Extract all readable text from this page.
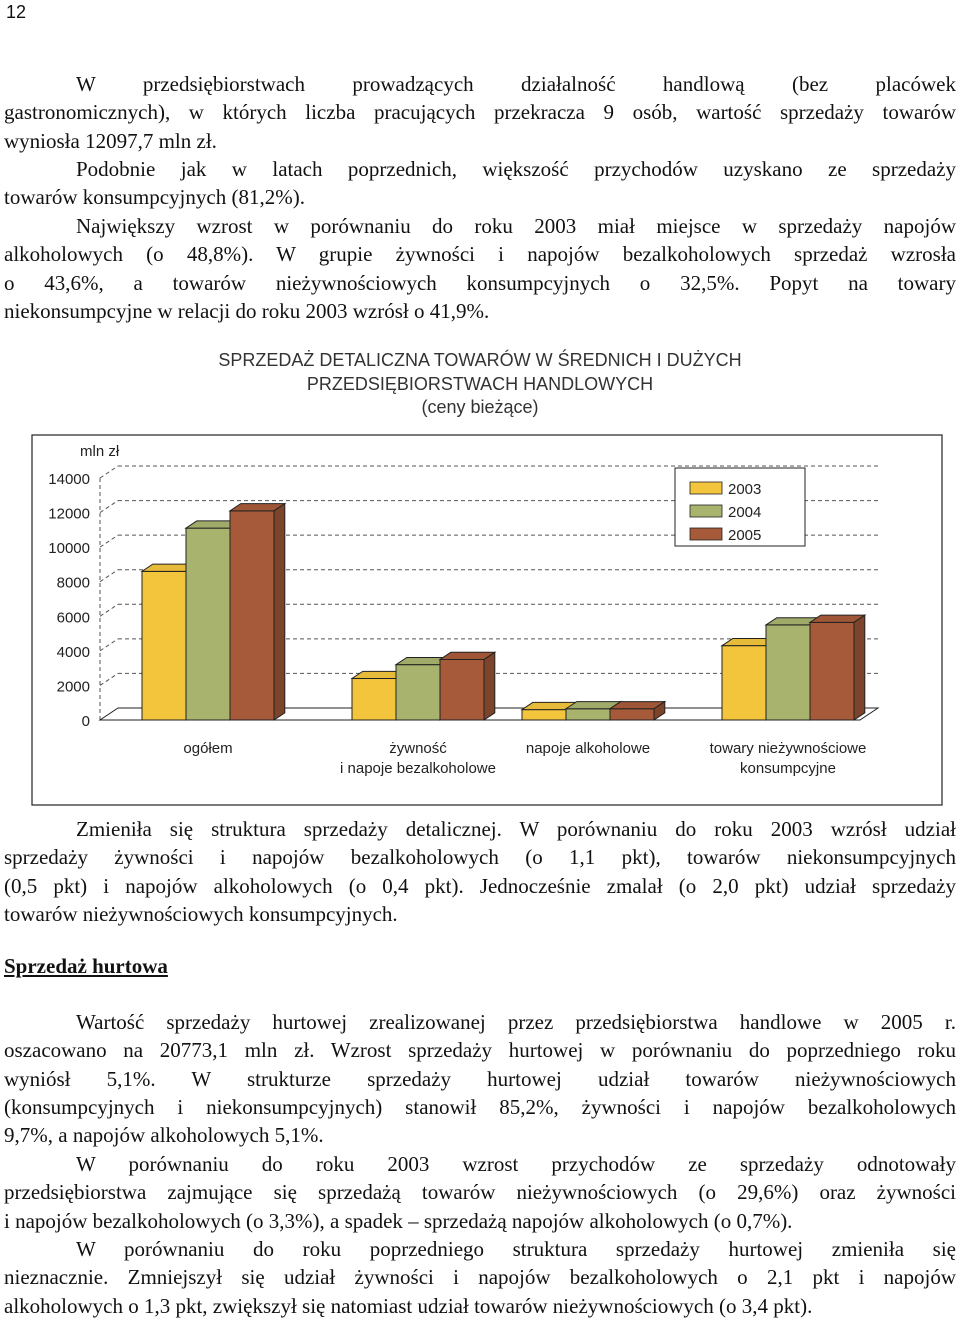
12
W przedsiębiorstwach prowadzących działalność handlową (bez placówek
gastronomicznych), w których liczba pracujących przekracza 9 osób, wartość sprzedaży towarów
wyniosła 12097,7 mln zł.
Podobnie jak w latach poprzednich, większość przychodów uzyskano ze sprzedaży
towarów konsumpcyjnych (81,2%).
Największy wzrost w porównaniu do roku 2003 miał miejsce w sprzedaży napojów
alkoholowych (o 48,8%). W grupie żywności i napojów bezalkoholowych sprzedaż wzrosła
o 43,6%, a towarów nieżywnościowych konsumpcyjnych o 32,5%. Popyt na towary
niekonsumpcyjne w relacji do roku 2003 wzrósł o 41,9%.
SPRZEDAŻ DETALICZNA TOWARÓW W ŚREDNICH I DUŻYCH
PRZEDSIĘBIORSTWACH HANDLOWYCH
(ceny bieżące)
0
2000
4000
6000
8000
10000
12000
14000
mln zł
ogółem	żywność
i napoje bezalkoholowe
napoje alkoholowe	towary nieżywnościowe
konsumpcyjne
2003
2004
2005
Zmieniła się struktura sprzedaży detalicznej. W porównaniu do roku 2003 wzrósł udział
sprzedaży żywności i napojów bezalkoholowych (o 1,1 pkt), towarów niekonsumpcyjnych
(0,5 pkt) i napojów alkoholowych (o 0,4 pkt). Jednocześnie zmalał (o 2,0 pkt) udział sprzedaży
towarów nieżywnościowych konsumpcyjnych.
Sprzedaż hurtowa
Wartość sprzedaży hurtowej zrealizowanej przez przedsiębiorstwa handlowe w 2005 r.
oszacowano na 20773,1 mln zł. Wzrost sprzedaży hurtowej w porównaniu do poprzedniego roku
wyniósł 5,1%. W strukturze sprzedaży hurtowej udział towarów nieżywnościowych
(konsumpcyjnych i niekonsumpcyjnych) stanowił 85,2%, żywności i napojów bezalkoholowych
9,7%, a napojów alkoholowych 5,1%.
W porównaniu do roku 2003 wzrost przychodów ze sprzedaży odnotowały
przedsiębiorstwa zajmujące się sprzedażą towarów nieżywnościowych (o 29,6%) oraz żywności
i napojów bezalkoholowych (o 3,3%), a spadek – sprzedażą napojów alkoholowych (o 0,7%).
W porównaniu do roku poprzedniego struktura sprzedaży hurtowej zmieniła się
nieznacznie. Zmniejszył się udział żywności i napojów bezalkoholowych o 2,1 pkt i napojów
alkoholowych o 1,3 pkt, zwiększył się natomiast udział towarów nieżywnościowych (o 3,4 pkt).
